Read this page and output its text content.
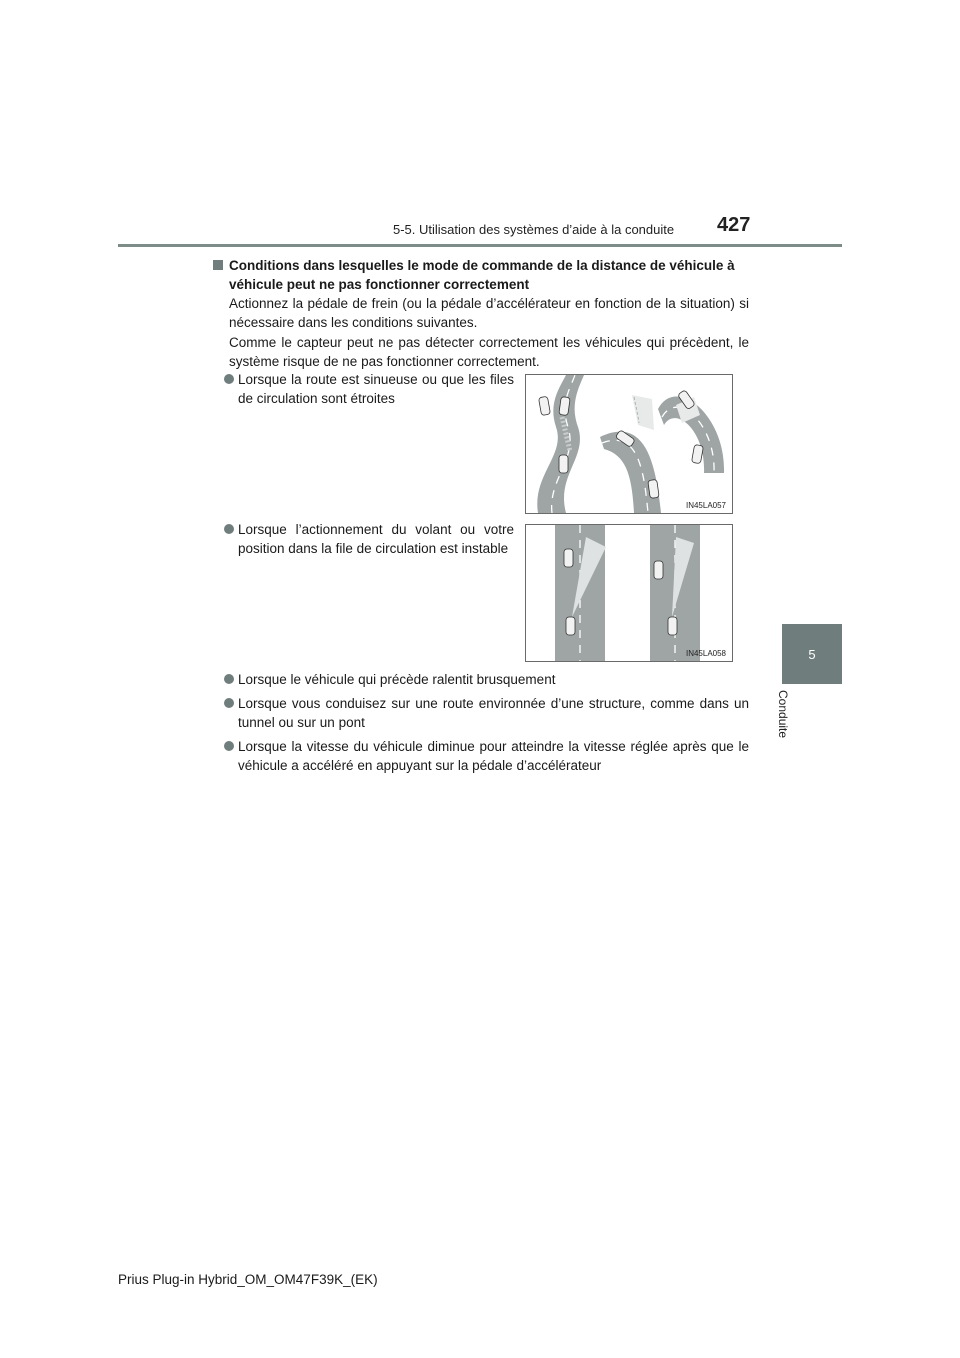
5-5. Utilisation des systèmes d’aide à la conduite 427
5
Conduite
Conditions dans lesquelles le mode de commande de la distance de véhicule à
véhicule peut ne pas fonctionner correctement

Actionnez la pédale de frein (ou la pédale d’accélérateur en fonction de la situation) si nécessaire dans les conditions suivantes.

Comme le capteur peut ne pas détecter correctement les véhicules qui précèdent, le système risque de ne pas fonctionner correctement.

Lorsque la route est sinueuse ou que les files de circulation sont étroites
IN45LA057
Lorsque l’actionnement du volant ou votre position dans la file de circulation est instable
IN45LA058
Lorsque le véhicule qui précède ralentit brusquement
Lorsque vous conduisez sur une route environnée d’une structure, comme dans un tunnel ou sur un pont
Lorsque la vitesse du véhicule diminue pour atteindre la vitesse réglée après que le véhicule a accéléré en appuyant sur la pédale d’accélérateur
Prius Plug-in Hybrid_OM_OM47F39K_(EK)
